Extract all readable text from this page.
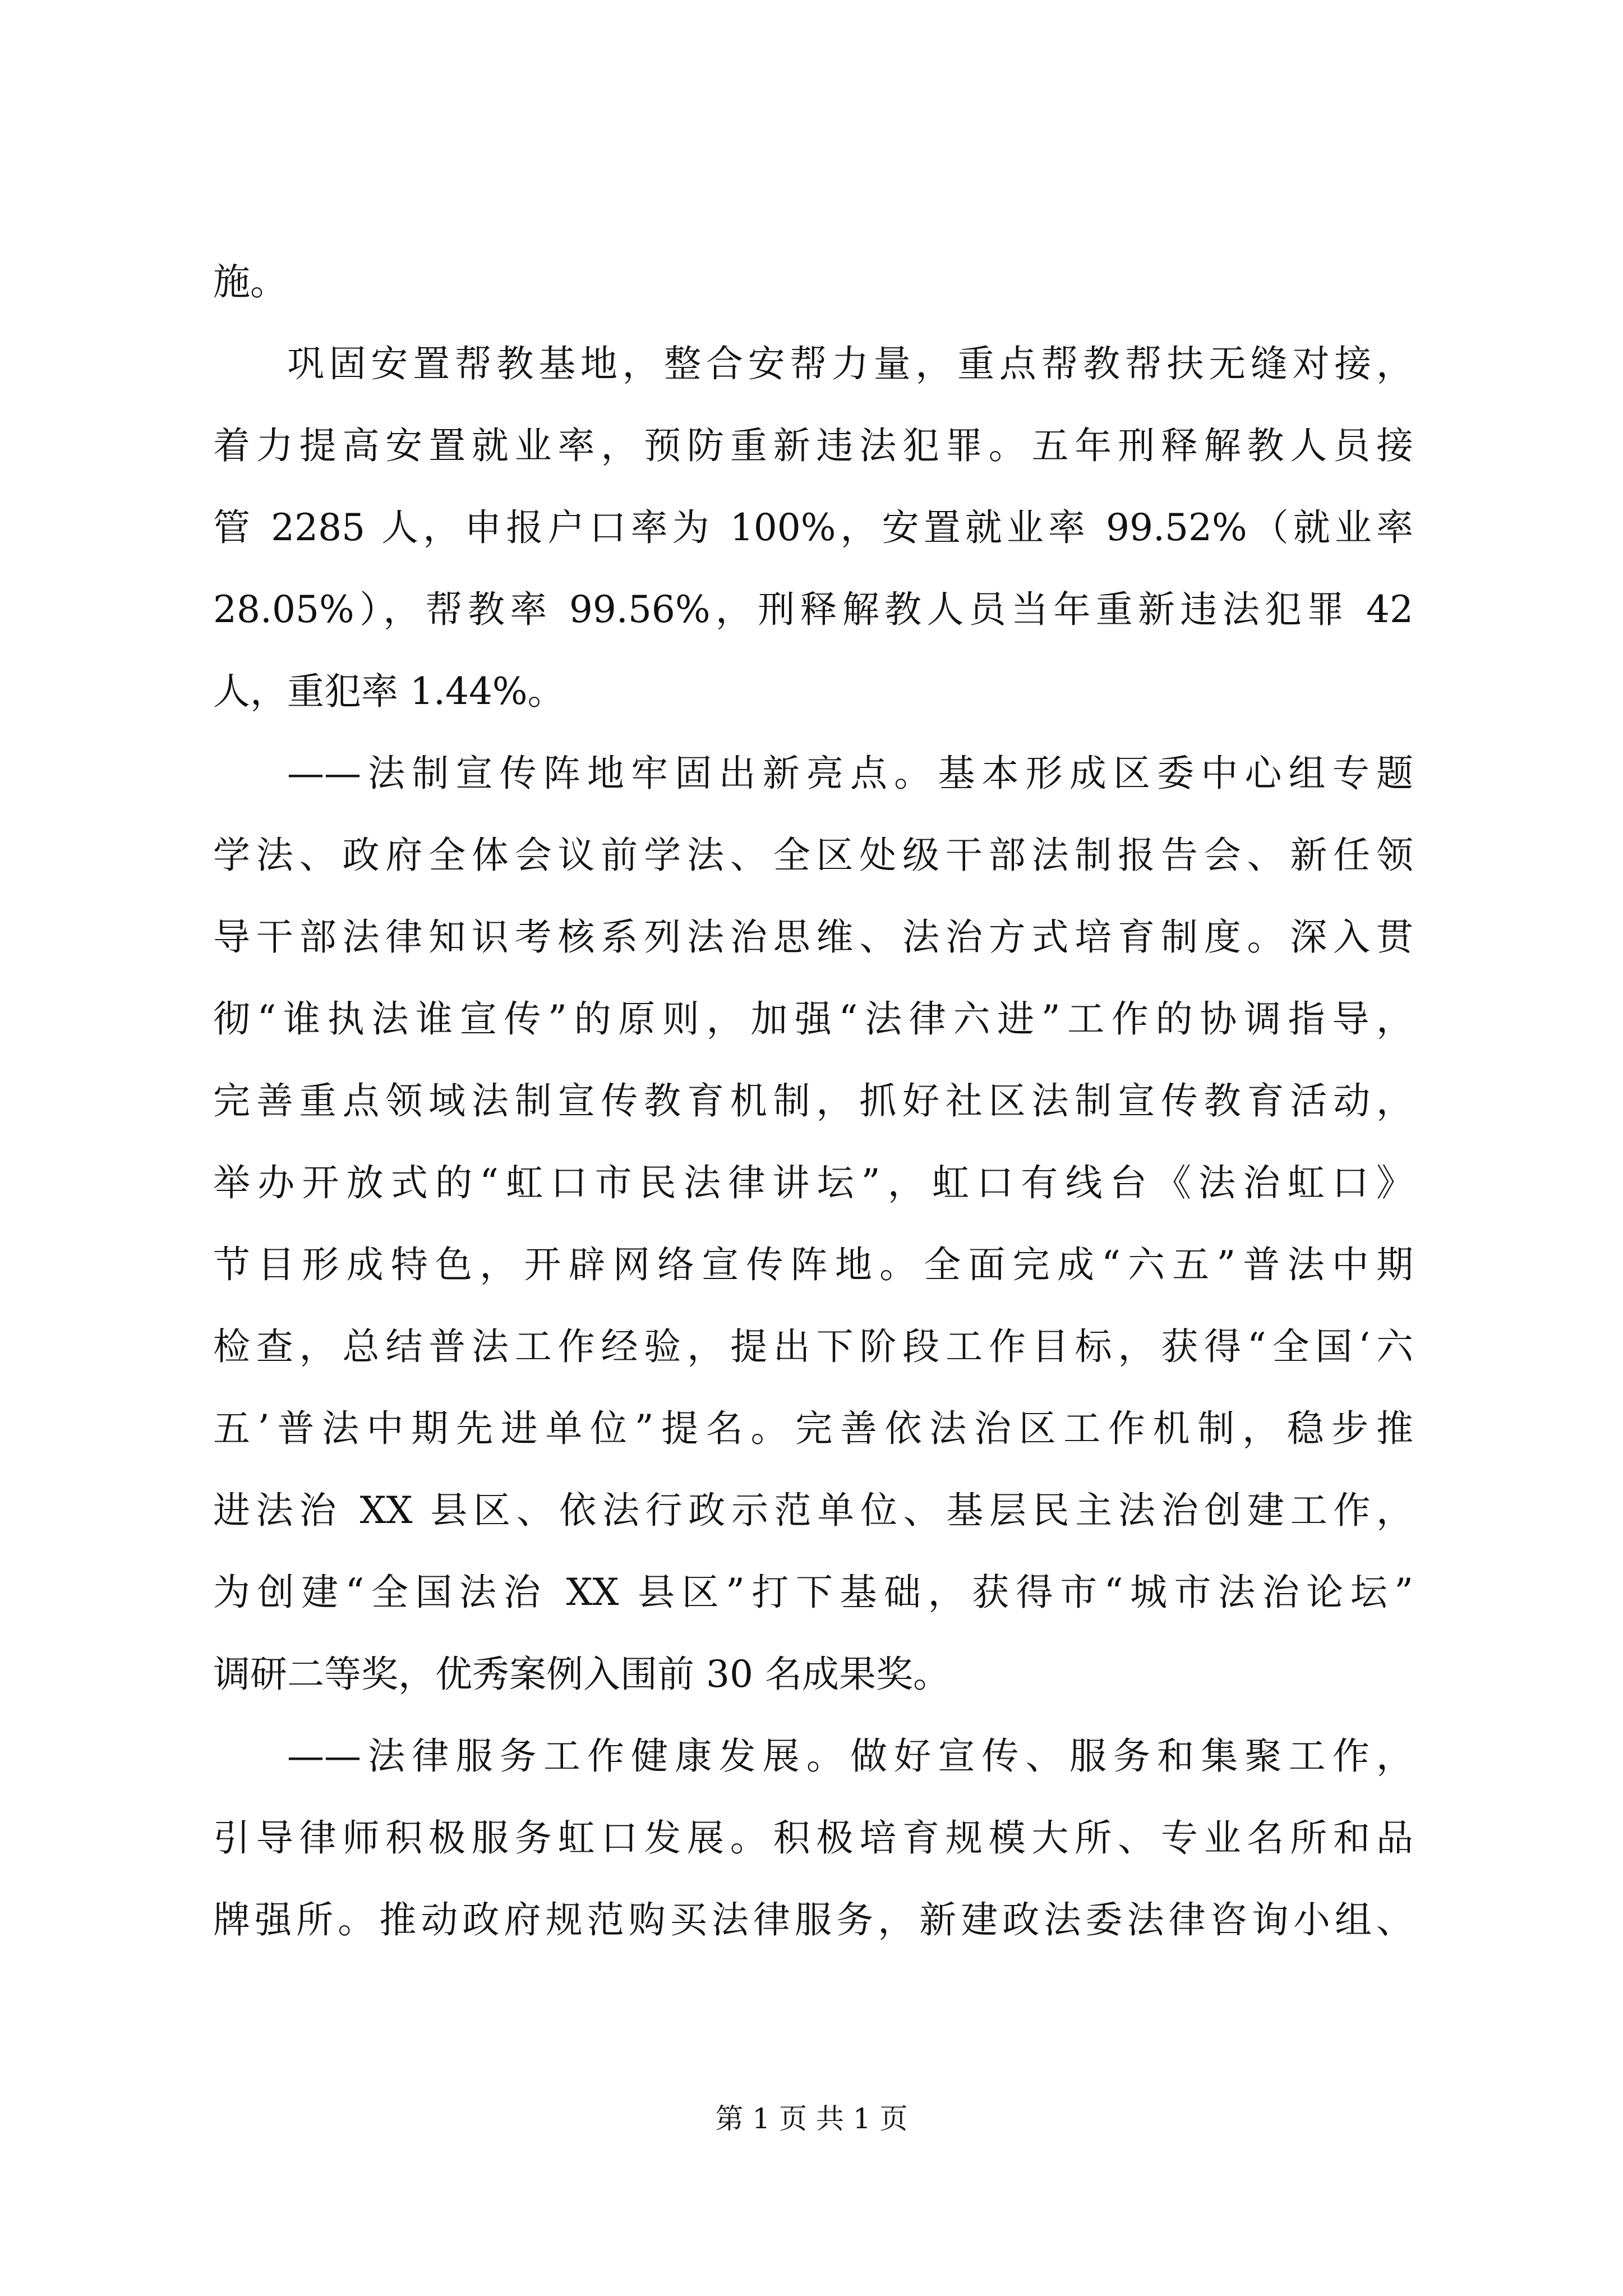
施。
巩固安置帮教基地，整合安帮力量，重点帮教帮扶无缝对接，
着力提高安置就业率，预防重新违法犯罪。五年刑释解教人员接
管 2285 人，申报户口率为 100%，安置就业率 99.52%（就业率
28.05%），帮教率 99.56%，刑释解教人员当年重新违法犯罪 42
人，重犯率 1.44%。
——法制宣传阵地牢固出新亮点。基本形成区委中心组专题
学法、政府全体会议前学法、全区处级干部法制报告会、新任领
导干部法律知识考核系列法治思维、法治方式培育制度。深入贯
彻“谁执法谁宣传”的原则，加强“法律六进”工作的协调指导，
完善重点领域法制宣传教育机制，抓好社区法制宣传教育活动，
举办开放式的“虹口市民法律讲坛”，虹口有线台《法治虹口》
节目形成特色，开辟网络宣传阵地。全面完成“六五”普法中期
检查，总结普法工作经验，提出下阶段工作目标，获得“全国‘六
五’普法中期先进单位”提名。完善依法治区工作机制，稳步推
进法治 XX 县区、依法行政示范单位、基层民主法治创建工作，
为创建“全国法治 XX 县区”打下基础，获得市“城市法治论坛”
调研二等奖，优秀案例入围前 30 名成果奖。
——法律服务工作健康发展。做好宣传、服务和集聚工作，
引导律师积极服务虹口发展。积极培育规模大所、专业名所和品
牌强所。推动政府规范购买法律服务，新建政法委法律咨询小组、
第 1 页 共 1 页
